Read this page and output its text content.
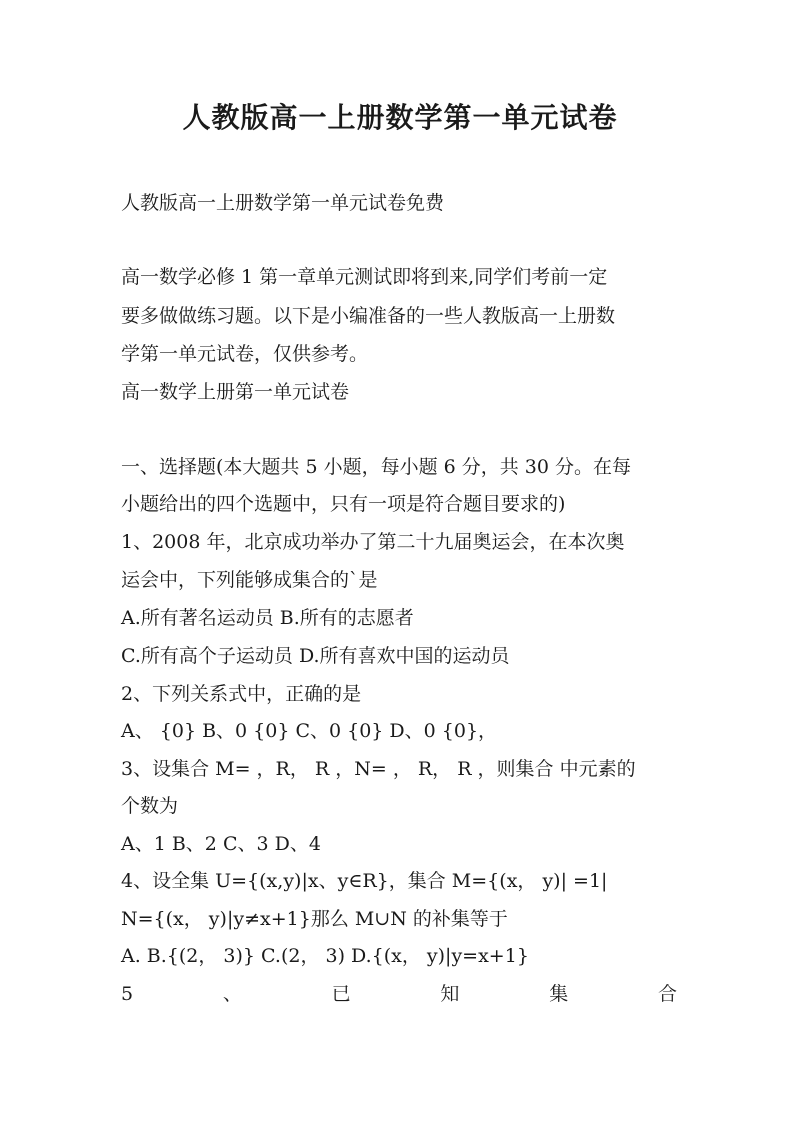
人教版高一上册数学第一单元试卷
人教版高一上册数学第一单元试卷免费
高一数学必修 1 第一章单元测试即将到来,同学们考前一定
要多做做练习题。以下是小编准备的一些人教版高一上册数
学第一单元试卷，仅供参考。
高一数学上册第一单元试卷
一、选择题(本大题共 5 小题，每小题 6 分，共 30 分。在每
小题给出的四个选题中，只有一项是符合题目要求的)
1、2008 年，北京成功举办了第二十九届奥运会，在本次奥
运会中，下列能够成集合的`是
A.所有著名运动员 B.所有的志愿者
C.所有高个子运动员 D.所有喜欢中国的运动员
2、下列关系式中，正确的是
A、 {0} B、0 {0} C、0 {0} D、0 {0}，
3、设集合 M= ，R， R ，N= ， R， R ，则集合 中元素的
个数为
A、1 B、2 C、3 D、4
4、设全集 U={(x,y)|x、y∈R}，集合 M={(x， y)| =1|
N={(x， y)|y≠x+1}那么 M∪N 的补集等于
A. B.{(2， 3)} C.(2， 3) D.{(x， y)|y=x+1}
5	、	已	知	集	合
